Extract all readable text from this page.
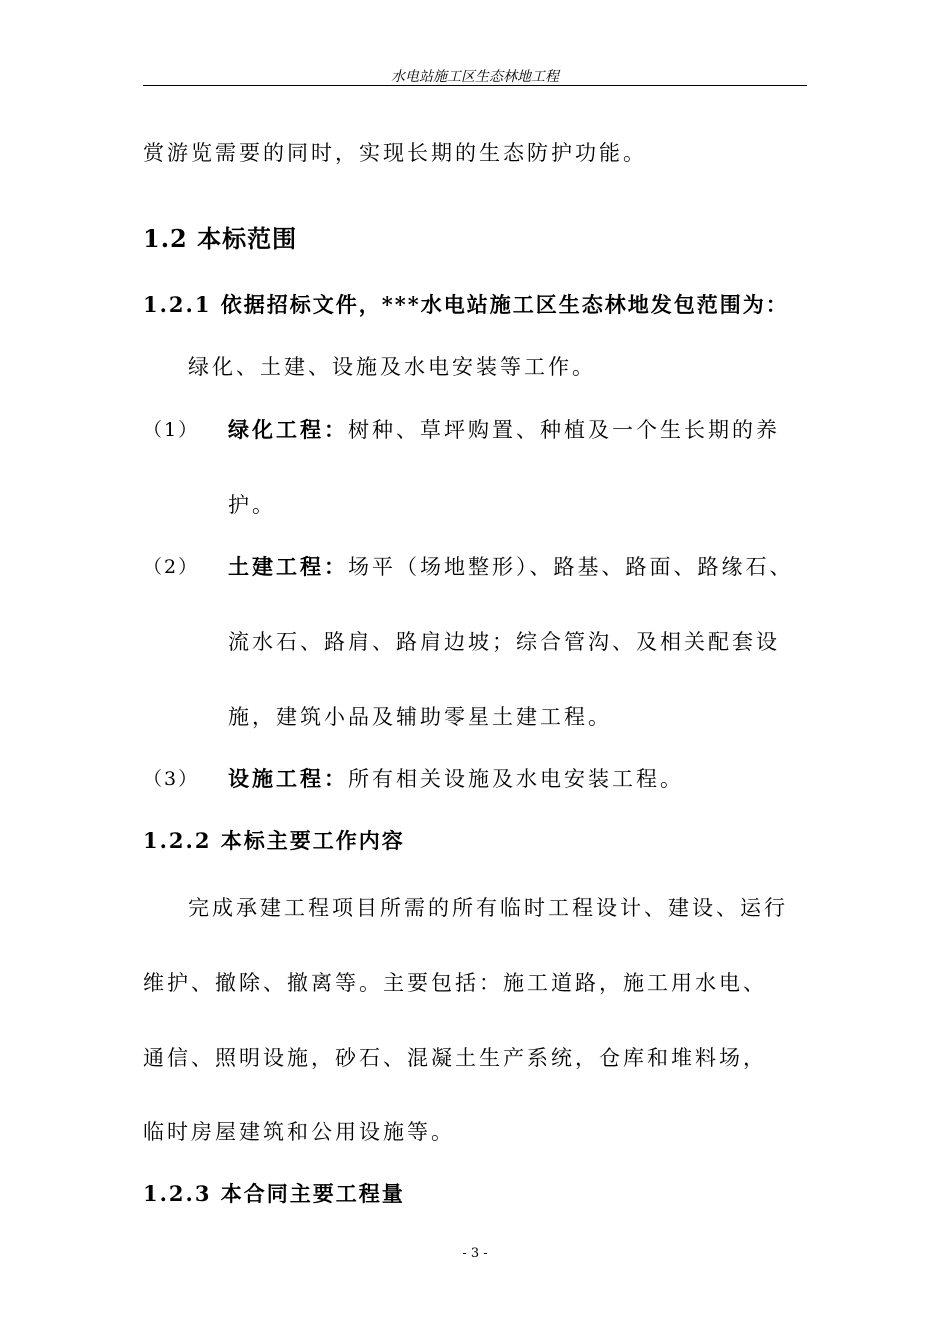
水电站施工区生态林地工程
赏游览需要的同时，实现长期的生态防护功能。
1.2 本标范围
1.2.1 依据招标文件，***水电站施工区生态林地发包范围为：
绿化、土建、设施及水电安装等工作。
（1） 绿化工程：树种、草坪购置、种植及一个生长期的养
护。
（2） 土建工程：场平（场地整形）、路基、路面、路缘石、
流水石、路肩、路肩边坡；综合管沟、及相关配套设
施，建筑小品及辅助零星土建工程。
（3） 设施工程：所有相关设施及水电安装工程。
1.2.2 本标主要工作内容
完成承建工程项目所需的所有临时工程设计、建设、运行
维护、撤除、撤离等。主要包括：施工道路，施工用水电、
通信、照明设施，砂石、混凝土生产系统，仓库和堆料场，
临时房屋建筑和公用设施等。
1.2.3 本合同主要工程量
- 3 -
